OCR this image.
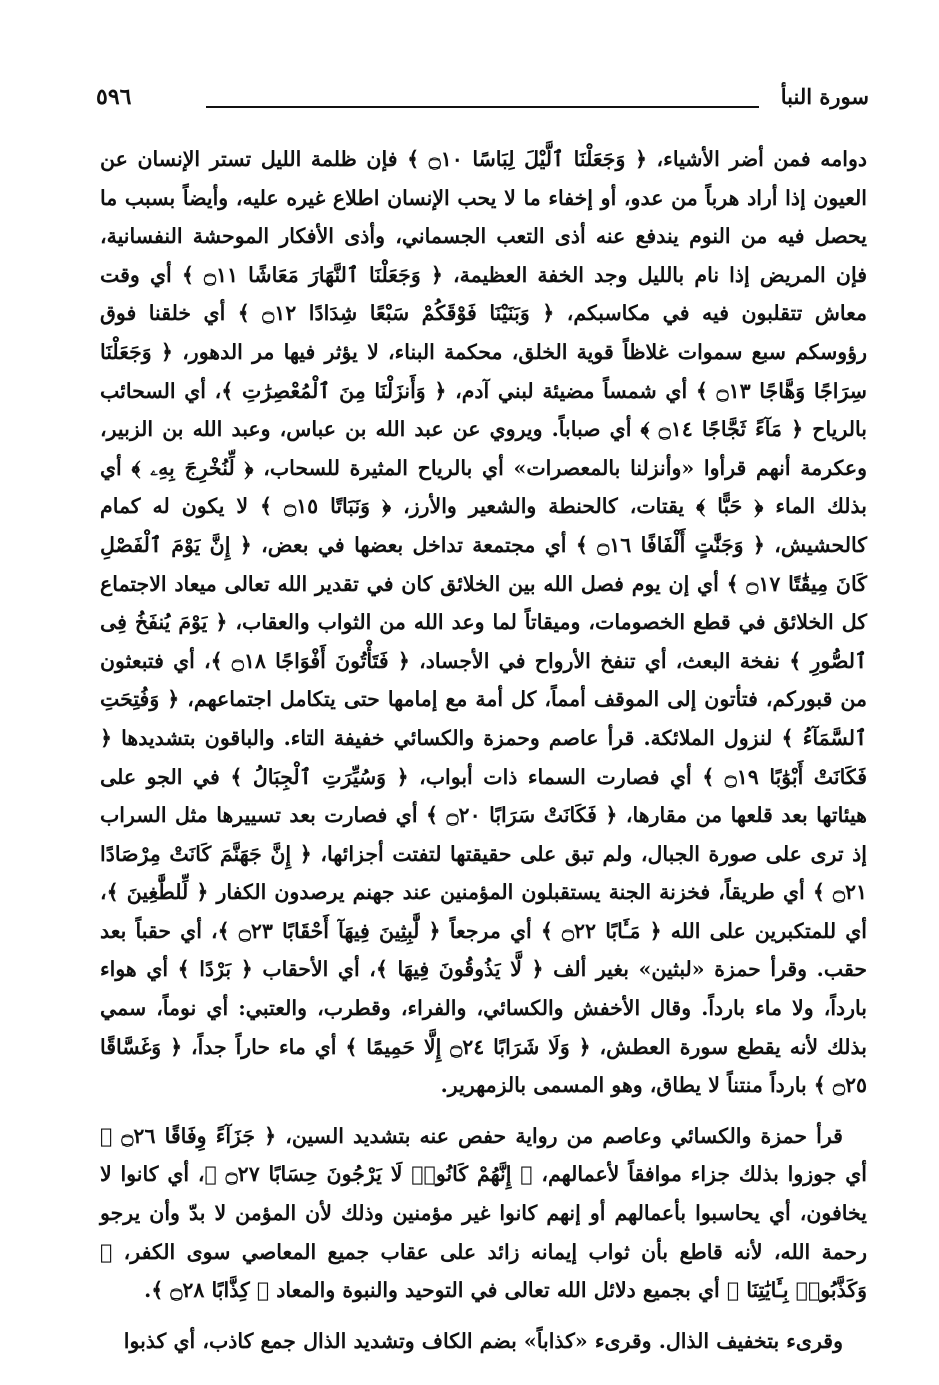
سورة النبأ
٥٩٦

دوامه فمن أضر الأشياء، ﴿ وَجَعَلْنَا ٱلَّيْلَ لِبَاسًا ۝١٠ ﴾ فإن ظلمة الليل تستر الإنسان عن العيون إذا أراد هرباً من عدو، أو إخفاء ما لا يحب الإنسان اطلاع غيره عليه، وأيضاً بسبب ما يحصل فيه من النوم يندفع عنه أذى التعب الجسماني، وأذى الأفكار الموحشة النفسانية، فإن المريض إذا نام بالليل وجد الخفة العظيمة، ﴿ وَجَعَلْنَا ٱلنَّهَارَ مَعَاشًا ۝١١ ﴾ أي وقت معاش تتقلبون فيه في مكاسبكم، ﴿ وَبَنَيْنَا فَوْقَكُمْ سَبْعًا شِدَادًا ۝١٢ ﴾ أي خلقنا فوق رؤوسكم سبع سموات غلاظاً قوية الخلق، محكمة البناء، لا يؤثر فيها مر الدهور، ﴿ وَجَعَلْنَا سِرَاجًا وَهَّاجًا ۝١٣ ﴾ أي شمساً مضيئة لبني آدم، ﴿ وَأَنزَلْنَا مِنَ ٱلْمُعْصِرَٰتِ ﴾، أي السحائب بالرياح ﴿ مَآءً ثَجَّاجًا ۝١٤ ﴾ أي صباباً. ويروي عن عبد الله بن عباس، وعبد الله بن الزبير، وعكرمة أنهم قرأوا «وأنزلنا بالمعصرات» أي بالرياح المثيرة للسحاب، ﴿ لِّنُخْرِجَ بِهِۦ ﴾ أي بذلك الماء ﴿ حَبًّا ﴾ يقتات، كالحنطة والشعير والأرز، ﴿ وَنَبَاتًا ۝١٥ ﴾ لا يكون له كمام كالحشيش، ﴿ وَجَنَّٰتٍ أَلْفَافًا ۝١٦ ﴾ أي مجتمعة تداخل بعضها في بعض، ﴿ إِنَّ يَوْمَ ٱلْفَصْلِ كَانَ مِيقَٰتًا ۝١٧ ﴾ أي إن يوم فصل الله بين الخلائق كان في تقدير الله تعالى ميعاد الاجتماع كل الخلائق في قطع الخصومات، وميقاتاً لما وعد الله من الثواب والعقاب، ﴿ يَوْمَ يُنفَخُ فِى ٱلصُّورِ ﴾ نفخة البعث، أي تنفخ الأرواح في الأجساد، ﴿ فَتَأْتُونَ أَفْوَاجًا ۝١٨ ﴾، أي فتبعثون من قبوركم، فتأتون إلى الموقف أمماً، كل أمة مع إمامها حتى يتكامل اجتماعهم، ﴿ وَفُتِحَتِ ٱلسَّمَآءُ ﴾ لنزول الملائكة. قرأ عاصم وحمزة والكسائي خفيفة التاء. والباقون بتشديدها ﴿ فَكَانَتْ أَبْوَٰبًا ۝١٩ ﴾ أي فصارت السماء ذات أبواب، ﴿ وَسُيِّرَتِ ٱلْجِبَالُ ﴾ في الجو على هيئاتها بعد قلعها من مقارها، ﴿ فَكَانَتْ سَرَابًا ۝٢٠ ﴾ أي فصارت بعد تسييرها مثل السراب إذ ترى على صورة الجبال، ولم تبق على حقيقتها لتفتت أجزائها، ﴿ إِنَّ جَهَنَّمَ كَانَتْ مِرْصَادًا ۝٢١ ﴾ أي طريقاً، فخزنة الجنة يستقبلون المؤمنين عند جهنم يرصدون الكفار ﴿ لِّلطَّٰغِينَ ﴾، أي للمتكبرين على الله ﴿ مَـَٔابًا ۝٢٢ ﴾ أي مرجعاً ﴿ لَّٰبِثِينَ فِيهَآ أَحْقَابًا ۝٢٣ ﴾، أي حقباً بعد حقب. وقرأ حمزة «لبثين» بغير ألف ﴿ لَّا يَذُوقُونَ فِيهَا ﴾، أي الأحقاب ﴿ بَرْدًا ﴾ أي هواء بارداً، ولا ماء بارداً. وقال الأخفش والكسائي، والفراء، وقطرب، والعتبي: أي نوماً، سمي بذلك لأنه يقطع سورة العطش، ﴿ وَلَا شَرَابًا ۝٢٤ إِلَّا حَمِيمًا ﴾ أي ماء حاراً جداً، ﴿ وَغَسَّاقًا ۝٢٥ ﴾ بارداً منتناً لا يطاق، وهو المسمى بالزمهرير.

قرأ حمزة والكسائي وعاصم من رواية حفص عنه بتشديد السين، ﴿ جَزَآءً وِفَاقًا ۝٢٦ ﴾ أي جوزوا بذلك جزاء موافقاً لأعمالهم، ﴿ إِنَّهُمْ كَانُوا۟ لَا يَرْجُونَ حِسَابًا ۝٢٧ ﴾، أي كانوا لا يخافون، أي يحاسبوا بأعمالهم أو إنهم كانوا غير مؤمنين وذلك لأن المؤمن لا بدّ وأن يرجو رحمة الله، لأنه قاطع بأن ثواب إيمانه زائد على عقاب جميع المعاصي سوى الكفر، ﴿ وَكَذَّبُوا۟ بِـَٔايَٰتِنَا ﴾ أي بجميع دلائل الله تعالى في التوحيد والنبوة والمعاد ﴿ كِذَّابًا ۝٢٨ ﴾.

وقرىء بتخفيف الذال. وقرىء «كذاباً» بضم الكاف وتشديد الذال جمع كاذب، أي كذبوا
